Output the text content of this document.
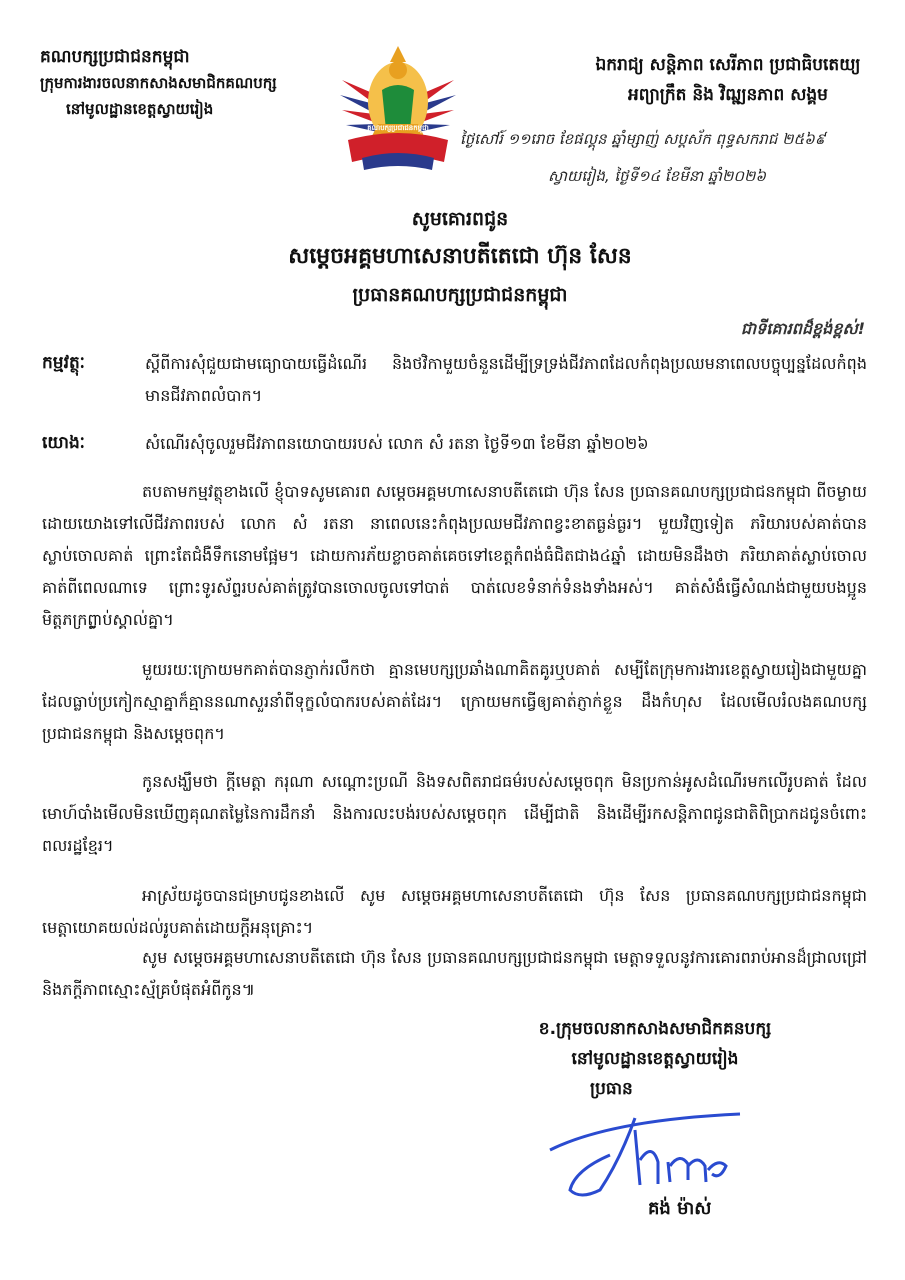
គណបក្សប្រជាជនកម្ពុជា
ក្រុមការងារចលនាកសាងសមាជិកគណបក្ស
នៅមូលដ្ឋានខេត្តស្វាយរៀង
គណបក្សប្រជាជនកម្ពុជា
ឯករាជ្យ សន្តិភាព សេរីភាព ប្រជាធិបតេយ្យ
អព្យាក្រឹត និង វិឍ្ឍនភាព សង្គម
ថ្ងៃសៅរ៍ ១១រោច ខែផល្គុន ឆ្នាំម្សាញ់ សប្តស័ក ពុទ្ធសករាជ ២៥៦៩
ស្វាយរៀង, ថ្ងៃទី១៤ ខែមីនា ឆ្នាំ២០២៦
សូមគោរពជូន
សម្តេចអគ្គមហាសេនាបតីតេជោ ហ៊ុន សែន
ប្រធានគណបក្សប្រជាជនកម្ពុជា
ជាទីគោរពដ៏ខ្ពង់ខ្ពស់!
កម្មវត្ថុៈ	ស្តីពីការសុំជួយជាមធ្យោបាយធ្វើដំណើរ និងថវិកាមួយចំនួនដើម្បីទ្រទ្រង់ជីវភាពដែលកំពុងប្រឈមនាពេលបច្ចុប្បន្នដែលកំពុងមានជីវភាពលំបាក។
យោងៈ	សំណើរសុំចូលរួមជីវភាពនយោបាយរបស់ លោក សំ រតនា ថ្ងៃទី១៣ ខែមីនា ឆ្នាំ២០២៦
តបតាមកម្មវត្ថុខាងលើ ខ្ញុំបាទសូមគោរព សម្តេចអគ្គមហាសេនាបតីតេជោ ហ៊ុន សែន ប្រធានគណបក្សប្រជាជនកម្ពុជា ពីចម្ងាយ ដោយយោងទៅលើជីវភាពរបស់ លោក សំ រតនា នាពេលនេះកំពុងប្រឈមជីវភាពខ្វះខាតធ្ងន់ធ្ងរ។ មួយវិញទៀត ភរិយារបស់គាត់បានស្លាប់ចោលគាត់ ព្រោះតែជំងឺទឹកនោមផ្អែម។ ដោយការភ័យខ្លាចគាត់គេចទៅខេត្តកំពង់ធំជិតជាង៤ឆ្នាំ ដោយមិនដឹងថា ភរិយាគាត់ស្លាប់ចោលគាត់ពីពេលណាទេ ព្រោះទូរស័ព្ទរបស់គាត់ត្រូវបានចោលចូលទៅបាត់ បាត់លេខទំនាក់ទំនងទាំងអស់។ គាត់សំងំធ្វើសំណង់ជាមួយបងប្អូនមិត្តភក្រព្ធ្លាប់ស្គាល់គ្នា។
មួយរយៈក្រោយមកគាត់បានភ្ញាក់រលឹកថា គ្មានមេបក្សប្រឆាំងណាគិតគូរឬបគាត់ សម្បីតែក្រុមការងារខេត្តស្វាយរៀងជាមួយគ្នាដែលធ្លាប់ប្រកៀកស្មាគ្នាក៏គ្មាននណាសួរនាំពីទុក្ខលំបាករបស់គាត់ដែរ។ ក្រោយមកធ្វើឲ្យគាត់ភ្ញាក់ខ្លួន ដឹងកំហុស ដែលមើលរំលងគណបក្សប្រជាជនកម្ពុជា និងសម្តេចពុក។
កូនសង្ឃឹមថា ក្តីមេត្តា ករុណា សណ្តោះប្រណី និងទសពិតរាជធម៌របស់សម្តេចពុក មិនប្រកាន់អូសដំណើរមកលើរូបគាត់ ដែលមោហ៍បាំងមើលមិនឃើញគុណតម្លៃនៃការដឹកនាំ និងការលះបង់របស់សម្តេចពុក ដើម្បីជាតិ និងដើម្បីរកសន្តិភាពជូនជាតិពិប្រាកដជូនចំពោះពលរដ្ឋខ្មែរ។
អាស្រ័យដូចបានជម្រាបជូនខាងលើ សូម សម្តេចអគ្គមហាសេនាបតីតេជោ ហ៊ុន សែន ប្រធានគណបក្សប្រជាជនកម្ពុជា មេត្តាយោគយល់ដល់រូបគាត់ដោយក្តីអនុគ្រោះ។
សូម សម្តេចអគ្គមហាសេនាបតីតេជោ ហ៊ុន សែន ប្រធានគណបក្សប្រជាជនកម្ពុជា មេត្តាទទួលនូវការគោរពរាប់អានដ៏ជ្រាលជ្រៅ និងភក្តីភាពស្មោះស្ម័គ្របំផុតអំពីកូន៕
ខ.ក្រុមចលនាកសាងសមាជិកគនបក្ស
នៅមូលដ្ឋានខេត្តស្វាយរៀង
ប្រធាន
គង់ ម៉ាស់
